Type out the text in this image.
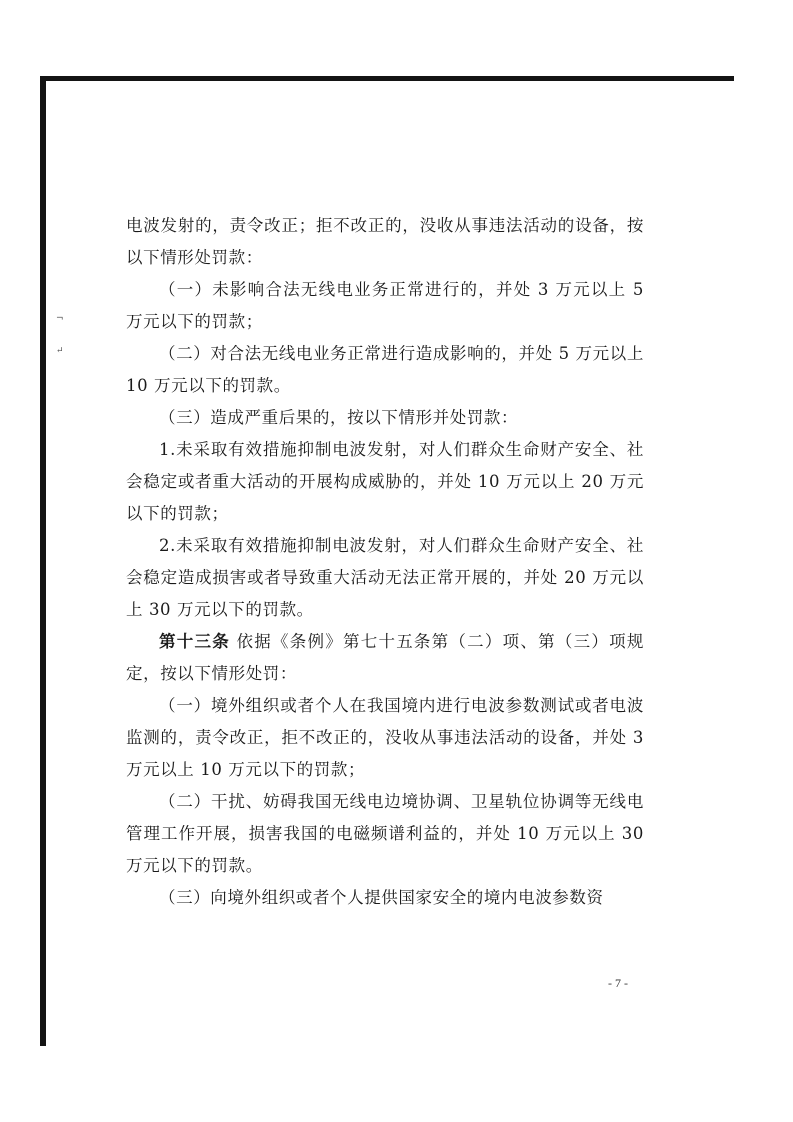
¬
↵

电波发射的，责令改正；拒不改正的，没收从事违法活动的设备，按以下情形处罚款：

（一）未影响合法无线电业务正常进行的，并处 3 万元以上 5 万元以下的罚款；

（二）对合法无线电业务正常进行造成影响的，并处 5 万元以上 10 万元以下的罚款。

（三）造成严重后果的，按以下情形并处罚款：

1.未采取有效措施抑制电波发射，对人们群众生命财产安全、社会稳定或者重大活动的开展构成威胁的，并处 10 万元以上 20 万元以下的罚款；

2.未采取有效措施抑制电波发射，对人们群众生命财产安全、社会稳定造成损害或者导致重大活动无法正常开展的，并处 20 万元以上 30 万元以下的罚款。

第十三条 依据《条例》第七十五条第（二）项、第（三）项规定，按以下情形处罚：

（一）境外组织或者个人在我国境内进行电波参数测试或者电波监测的，责令改正，拒不改正的，没收从事违法活动的设备，并处 3 万元以上 10 万元以下的罚款；

（二）干扰、妨碍我国无线电边境协调、卫星轨位协调等无线电管理工作开展，损害我国的电磁频谱利益的，并处 10 万元以上 30 万元以下的罚款。

（三）向境外组织或者个人提供国家安全的境内电波参数资

- 7 -
